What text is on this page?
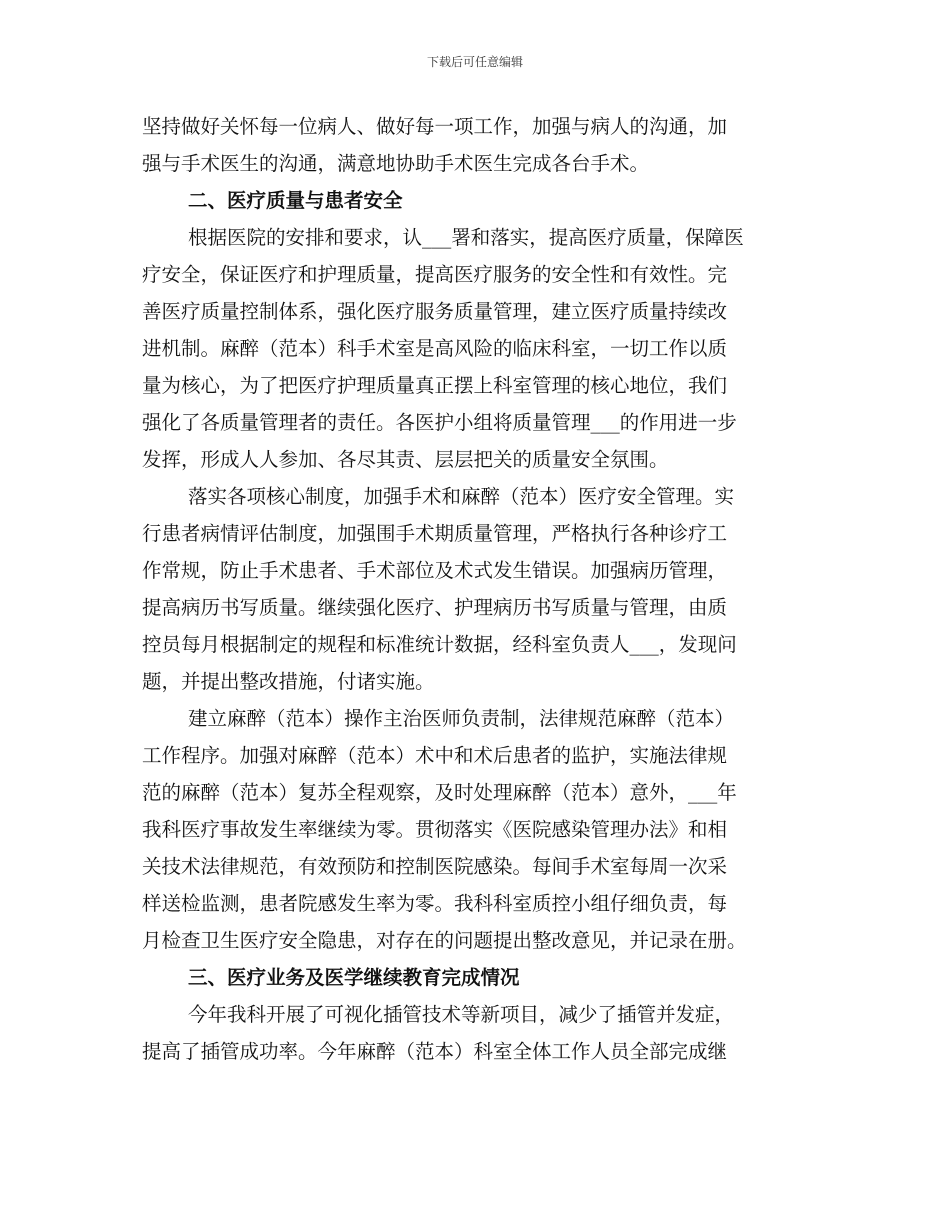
下载后可任意编辑
坚持做好关怀每一位病人、做好每一项工作，加强与病人的沟通，加
强与手术医生的沟通，满意地协助手术医生完成各台手术。
二、医疗质量与患者安全
根据医院的安排和要求，认___署和落实，提高医疗质量，保障医
疗安全，保证医疗和护理质量，提高医疗服务的安全性和有效性。完
善医疗质量控制体系，强化医疗服务质量管理，建立医疗质量持续改
进机制。麻醉（范本）科手术室是高风险的临床科室，一切工作以质
量为核心，为了把医疗护理质量真正摆上科室管理的核心地位，我们
强化了各质量管理者的责任。各医护小组将质量管理___的作用进一步
发挥，形成人人参加、各尽其责、层层把关的质量安全氛围。
落实各项核心制度，加强手术和麻醉（范本）医疗安全管理。实
行患者病情评估制度，加强围手术期质量管理，严格执行各种诊疗工
作常规，防止手术患者、手术部位及术式发生错误。加强病历管理，
提高病历书写质量。继续强化医疗、护理病历书写质量与管理，由质
控员每月根据制定的规程和标准统计数据，经科室负责人___，发现问
题，并提出整改措施，付诸实施。
建立麻醉（范本）操作主治医师负责制，法律规范麻醉（范本）
工作程序。加强对麻醉（范本）术中和术后患者的监护，实施法律规
范的麻醉（范本）复苏全程观察，及时处理麻醉（范本）意外，___年
我科医疗事故发生率继续为零。贯彻落实《医院感染管理办法》和相
关技术法律规范，有效预防和控制医院感染。每间手术室每周一次采
样送检监测，患者院感发生率为零。我科科室质控小组仔细负责，每
月检查卫生医疗安全隐患，对存在的问题提出整改意见，并记录在册。
三、医疗业务及医学继续教育完成情况
今年我科开展了可视化插管技术等新项目，减少了插管并发症，
提高了插管成功率。今年麻醉（范本）科室全体工作人员全部完成继
